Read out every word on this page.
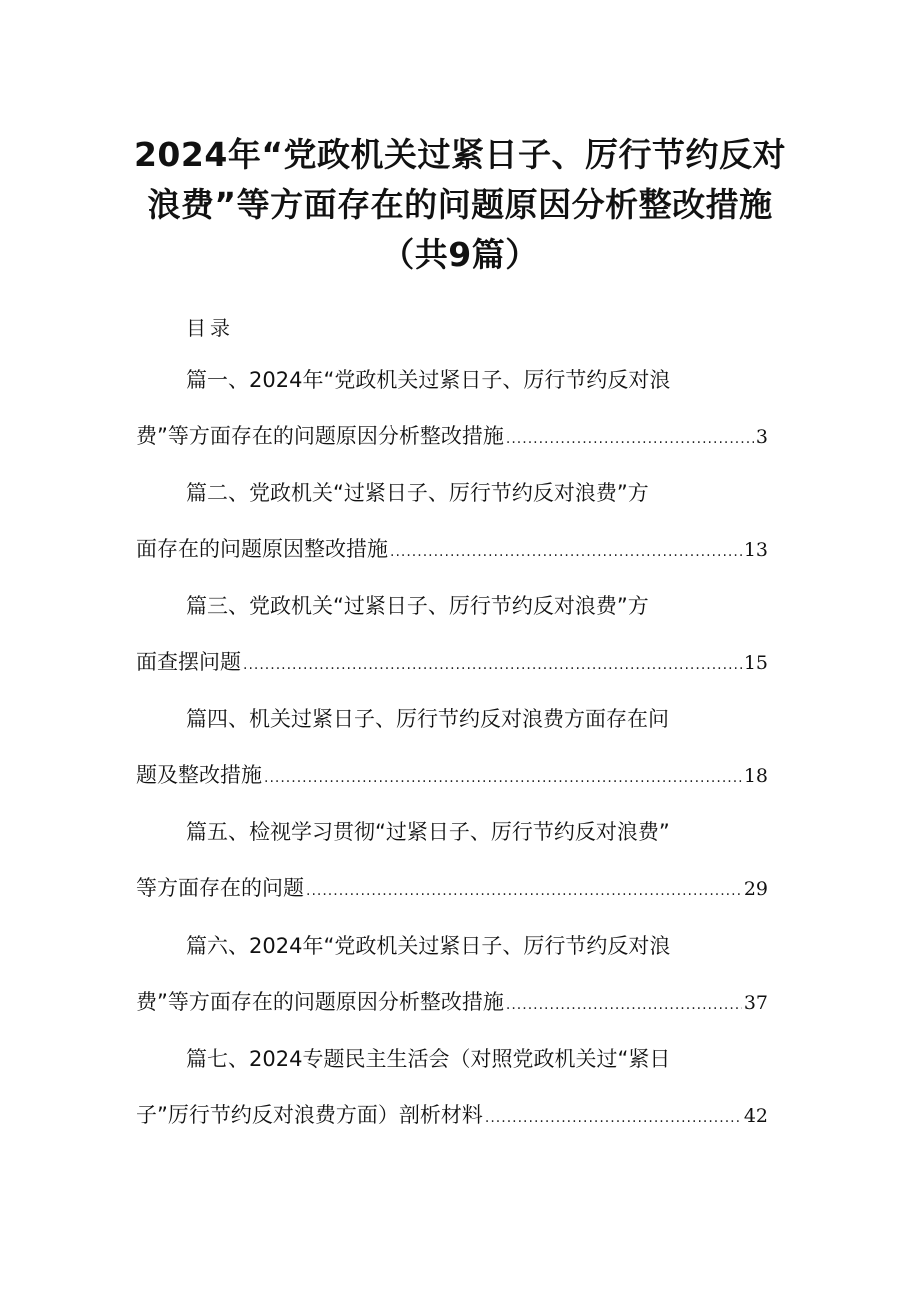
2024年“党政机关过紧日子、厉行节约反对
浪费”等方面存在的问题原因分析整改措施
（共9篇）
目录
篇一、2024年“党政机关过紧日子、厉行节约反对浪
费”等方面存在的问题原因分析整改措施 .....	3
篇二、党政机关“过紧日子、厉行节约反对浪费”方
面存在的问题原因整改措施 .....	13
篇三、党政机关“过紧日子、厉行节约反对浪费”方
面查摆问题 .....	15
篇四、机关过紧日子、厉行节约反对浪费方面存在问
题及整改措施 .....	18
篇五、检视学习贯彻“过紧日子、厉行节约反对浪费”
等方面存在的问题 .....	29
篇六、2024年“党政机关过紧日子、厉行节约反对浪
费”等方面存在的问题原因分析整改措施 .....	37
篇七、2024专题民主生活会（对照党政机关过“紧日
子”厉行节约反对浪费方面）剖析材料 .....	42
